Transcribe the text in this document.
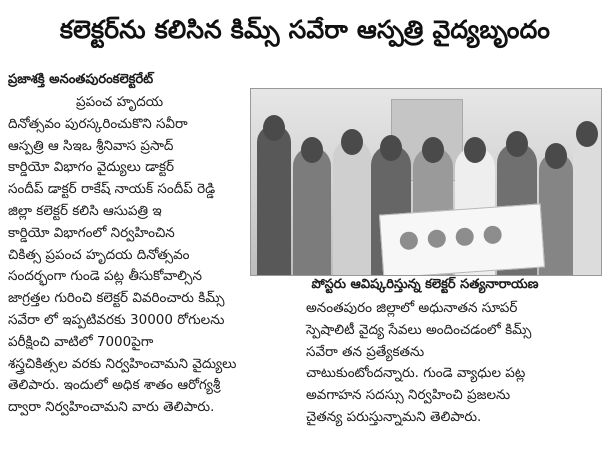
కలెక్టర్‌ను కలిసిన కిమ్స్ సవేరా ఆస్పత్రి వైద్యబృందం
ప్రజాశక్తి అనంతపురంకలెక్టరేట్

ప్రపంచ హృదయ

దినోత్సవం పురస్కరించుకొని సవీరా

ఆస్పత్రి ఆ సిఇఒ శ్రీనివాస ప్రసాద్

కార్డియో విభాగం వైద్యులు డాక్టర్

సందీప్ డాక్టర్ రాకేష్ నాయక్ సందీప్ రెడ్డి

జిల్లా కలెక్టర్ కలిసి ఆసుపత్రి ఇ

కార్డియో విభాగంలో నిర్వహించిన

చికిత్స ప్రపంచ హృదయ దినోత్సవం

సందర్భంగా గుండె పట్ల తీసుకోవాల్సిన

జాగ్రత్తల గురించి కలెక్టర్ వివరించారు కిమ్స్

సవేరా లో ఇప్పటివరకు 30000 రోగులను

పరీక్షించి వాటిలో 7000పైగా

శస్త్రచికిత్సల వరకు నిర్వహించామని వైద్యులు

తెలిపారు. ఇందులో అధిక శాతం ఆరోగ్యశ్రీ

ద్వారా నిర్వహించామని వారు తెలిపారు.

పోస్టరు ఆవిష్కరిస్తున్న కలెక్టర్ సత్యనారాయణ

అనంతపురం జిల్లాలో అధునాతన సూపర్

స్పెషాలిటీ వైద్య సేవలు అందించడంలో కిమ్స్

సవేరా తన ప్రత్యేకతను

చాటుకుంటోందన్నారు. గుండె వ్యాధుల పట్ల

అవగాహన సదస్సు నిర్వహించి ప్రజలను

చైతన్య పరుస్తున్నామని తెలిపారు.
